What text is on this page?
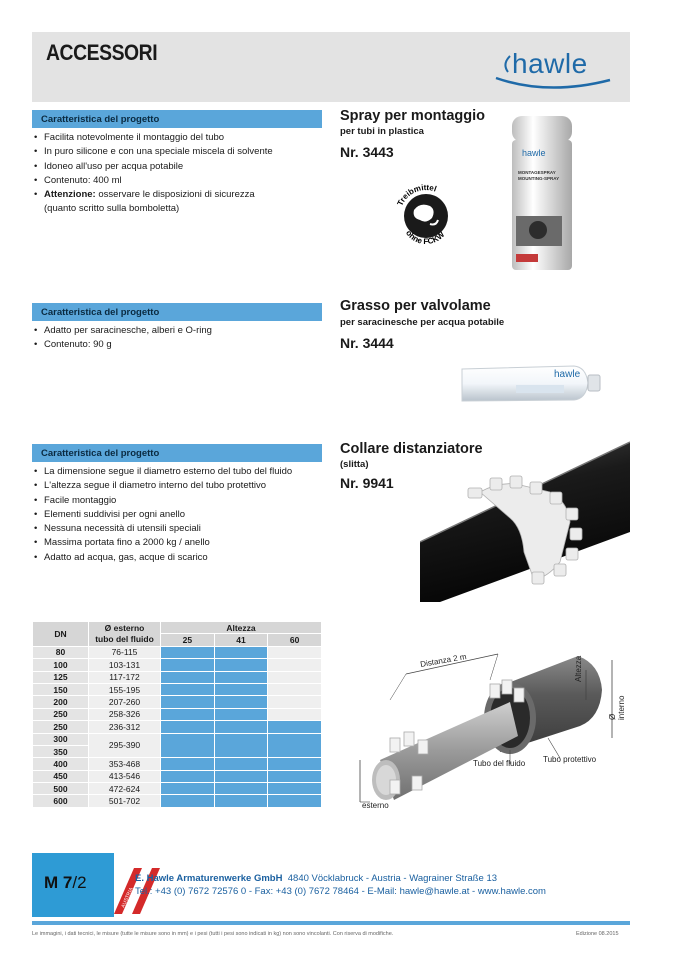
ACCESSORI	hawle
Caratteristica del progetto
• Facilita notevolmente il montaggio del tubo
• In puro silicone e con una speciale miscela di solvente
• Idoneo all'uso per acqua potabile
• Contenuto: 400 ml
• Attenzione: osservare le disposizioni di sicurezza
(quanto scritto sulla bomboletta)
Spray per montaggio
per tubi in plastica
Nr. 3443
Treibmittel
ohne FCKW
hawle
MONTAGESPRAY
MOUNTING-SPRAY
Caratteristica del progetto
• Adatto per saracinesche, alberi e O-ring
• Contenuto: 90 g
Grasso per valvolame
per saracinesche per acqua potabile
Nr. 3444
hawle
Caratteristica del progetto
• La dimensione segue il diametro esterno del tubo del fluido
• L'altezza segue il diametro interno del tubo protettivo
• Facile montaggio
• Elementi suddivisi per ogni anello
• Nessuna necessità di utensili speciali
• Massima portata fino a 2000 kg / anello
• Adatto ad acqua, gas, acque di scarico
Collare distanziatore
(slitta)
Nr. 9941
DN	Ø esterno
tubo del fluido	Altezza		
		25	41	60
80	76-115			
100	103-131			
125	117-172			
150	155-195			
200	207-260			
250	258-326			
250	236-312			
300	295-390			
350				
400	353-468			
450	413-546			
500	472-624			
600	501-702			
Distanza 2 m	Altezza
Ø interno
Tubo del fluido Tubo protettivo
esterno
M 7/2
AUSTRIA
E. Hawle Armaturenwerke GmbH 4840 Vöcklabruck - Austria - Wagrainer Straße 13
Tel.: +43 (0) 7672 72576 0 - Fax: +43 (0) 7672 78464 - E-Mail: hawle@hawle.at - www.hawle.com
Le immagini, i dati tecnici, le misure (tutte le misure sono in mm) e i pesi (tutti i pesi sono indicati in kg) non sono vincolanti. Con riserva di modifiche.	Edizione 08.2015
